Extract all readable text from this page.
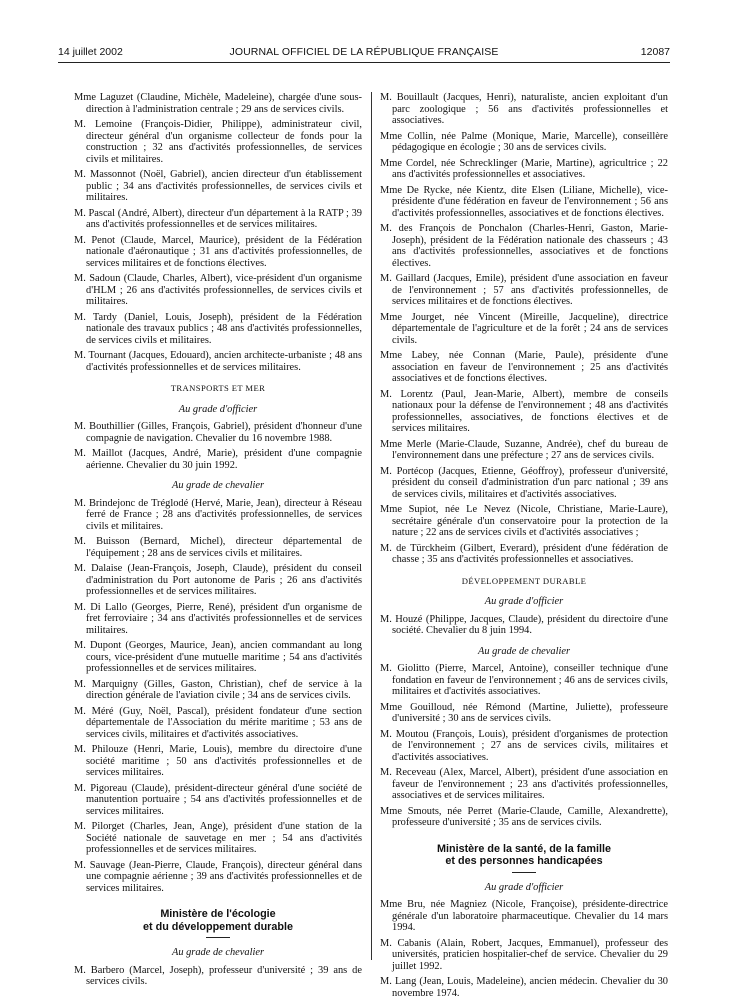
14 juillet 2002	JOURNAL OFFICIEL DE LA RÉPUBLIQUE FRANÇAISE	12087

Mme Laguzet (Claudine, Michèle, Madeleine), chargée d'une sous-direction à l'administration centrale ; 29 ans de services civils.

M. Lemoine (François-Didier, Philippe), administrateur civil, directeur général d'un organisme collecteur de fonds pour la construction ; 32 ans d'activités professionnelles, de services civils et militaires.

M. Massonnot (Noël, Gabriel), ancien directeur d'un établissement public ; 34 ans d'activités professionnelles, de services civils et militaires.

M. Pascal (André, Albert), directeur d'un département à la RATP ; 39 ans d'activités professionnelles et de services militaires.

M. Penot (Claude, Marcel, Maurice), président de la Fédération nationale d'aéronautique ; 31 ans d'activités professionnelles, de services militaires et de fonctions électives.

M. Sadoun (Claude, Charles, Albert), vice-président d'un organisme d'HLM ; 26 ans d'activités professionnelles, de services civils et militaires.

M. Tardy (Daniel, Louis, Joseph), président de la Fédération nationale des travaux publics ; 48 ans d'activités professionnelles, de services civils et militaires.

M. Tournant (Jacques, Edouard), ancien architecte-urbaniste ; 48 ans d'activités professionnelles et de services militaires.

TRANSPORTS ET MER
Au grade d'officier

M. Bouthillier (Gilles, François, Gabriel), président d'honneur d'une compagnie de navigation. Chevalier du 16 novembre 1988.

M. Maillot (Jacques, André, Marie), président d'une compagnie aérienne. Chevalier du 30 juin 1992.

Au grade de chevalier

M. Brindejonc de Tréglodé (Hervé, Marie, Jean), directeur à Réseau ferré de France ; 28 ans d'activités professionnelles, de services civils et militaires.

M. Buisson (Bernard, Michel), directeur départemental de l'équipement ; 28 ans de services civils et militaires.

M. Dalaise (Jean-François, Joseph, Claude), président du conseil d'administration du Port autonome de Paris ; 26 ans d'activités professionnelles et de services militaires.

M. Di Lallo (Georges, Pierre, René), président d'un organisme de fret ferroviaire ; 34 ans d'activités professionnelles et de services militaires.

M. Dupont (Georges, Maurice, Jean), ancien commandant au long cours, vice-président d'une mutuelle maritime ; 54 ans d'activités professionnelles et de services militaires.

M. Marquigny (Gilles, Gaston, Christian), chef de service à la direction générale de l'aviation civile ; 34 ans de services civils.

M. Méré (Guy, Noël, Pascal), président fondateur d'une section départementale de l'Association du mérite maritime ; 53 ans de services civils, militaires et d'activités associatives.

M. Philouze (Henri, Marie, Louis), membre du directoire d'une société maritime ; 50 ans d'activités professionnelles et de services militaires.

M. Pigoreau (Claude), président-directeur général d'une société de manutention portuaire ; 54 ans d'activités professionnelles et de services militaires.

M. Pilorget (Charles, Jean, Ange), président d'une station de la Société nationale de sauvetage en mer ; 54 ans d'activités professionnelles et de services militaires.

M. Sauvage (Jean-Pierre, Claude, François), directeur général dans une compagnie aérienne ; 39 ans d'activités professionnelles et de services militaires.

Ministère de l'écologie
et du développement durable
Au grade de chevalier

M. Barbero (Marcel, Joseph), professeur d'université ; 39 ans de services civils.

M. Bouillault (Jacques, Henri), naturaliste, ancien exploitant d'un parc zoologique ; 56 ans d'activités professionnelles et associatives.

Mme Collin, née Palme (Monique, Marie, Marcelle), conseillère pédagogique en écologie ; 30 ans de services civils.

Mme Cordel, née Schrecklinger (Marie, Martine), agricultrice ; 22 ans d'activités professionnelles et associatives.

Mme De Rycke, née Kientz, dite Elsen (Liliane, Michelle), vice-présidente d'une fédération en faveur de l'environnement ; 56 ans d'activités professionnelles, associatives et de fonctions électives.

M. des François de Ponchalon (Charles-Henri, Gaston, Marie-Joseph), président de la Fédération nationale des chasseurs ; 43 ans d'activités professionnelles, associatives et de fonctions électives.

M. Gaillard (Jacques, Emile), président d'une association en faveur de l'environnement ; 57 ans d'activités professionnelles, de services militaires et de fonctions électives.

Mme Jourget, née Vincent (Mireille, Jacqueline), directrice départementale de l'agriculture et de la forêt ; 24 ans de services civils.

Mme Labey, née Connan (Marie, Paule), présidente d'une association en faveur de l'environnement ; 25 ans d'activités associatives et de fonctions électives.

M. Lorentz (Paul, Jean-Marie, Albert), membre de conseils nationaux pour la défense de l'environnement ; 48 ans d'activités professionnelles, associatives, de fonctions électives et de services militaires.

Mme Merle (Marie-Claude, Suzanne, Andrée), chef du bureau de l'environnement dans une préfecture ; 27 ans de services civils.

M. Portécop (Jacques, Etienne, Géoffroy), professeur d'université, président du conseil d'administration d'un parc national ; 39 ans de services civils, militaires et d'activités associatives.

Mme Supiot, née Le Nevez (Nicole, Christiane, Marie-Laure), secrétaire générale d'un conservatoire pour la protection de la nature ; 22 ans de services civils et d'activités associatives ;

M. de Türckheim (Gilbert, Everard), président d'une fédération de chasse ; 35 ans d'activités professionnelles et associatives.

DÉVELOPPEMENT DURABLE
Au grade d'officier

M. Houzé (Philippe, Jacques, Claude), président du directoire d'une société. Chevalier du 8 juin 1994.

Au grade de chevalier

M. Giolitto (Pierre, Marcel, Antoine), conseiller technique d'une fondation en faveur de l'environnement ; 46 ans de services civils, militaires et d'activités associatives.

Mme Gouilloud, née Rémond (Martine, Juliette), professeure d'université ; 30 ans de services civils.

M. Moutou (François, Louis), président d'organismes de protection de l'environnement ; 27 ans de services civils, militaires et d'activités associatives.

M. Receveau (Alex, Marcel, Albert), président d'une association en faveur de l'environnement ; 23 ans d'activités professionnelles, associatives et de services militaires.

Mme Smouts, née Perret (Marie-Claude, Camille, Alexandrette), professeure d'université ; 35 ans de services civils.

Ministère de la santé, de la famille
et des personnes handicapées
Au grade d'officier

Mme Bru, née Magniez (Nicole, Françoise), présidente-directrice générale d'un laboratoire pharmaceutique. Chevalier du 14 mars 1994.

M. Cabanis (Alain, Robert, Jacques, Emmanuel), professeur des universités, praticien hospitalier-chef de service. Chevalier du 29 juillet 1992.

M. Lang (Jean, Louis, Madeleine), ancien médecin. Chevalier du 30 novembre 1974.
